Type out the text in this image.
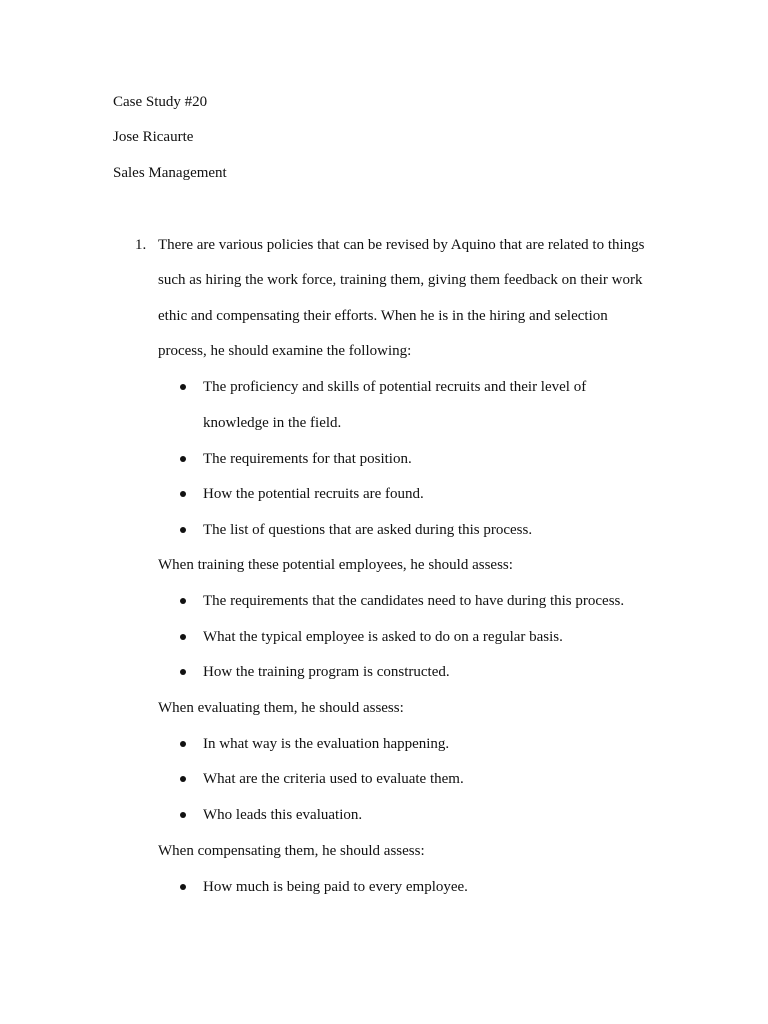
Case Study #20
Jose Ricaurte
Sales Management
1. There are various policies that can be revised by Aquino that are related to things
such as hiring the work force, training them, giving them feedback on their work
ethic and compensating their efforts. When he is in the hiring and selection
process, he should examine the following:
The proficiency and skills of potential recruits and their level of
knowledge in the field.
The requirements for that position.
How the potential recruits are found.
The list of questions that are asked during this process.
When training these potential employees, he should assess:
The requirements that the candidates need to have during this process.
What the typical employee is asked to do on a regular basis.
How the training program is constructed.
When evaluating them, he should assess:
In what way is the evaluation happening.
What are the criteria used to evaluate them.
Who leads this evaluation.
When compensating them, he should assess:
How much is being paid to every employee.
